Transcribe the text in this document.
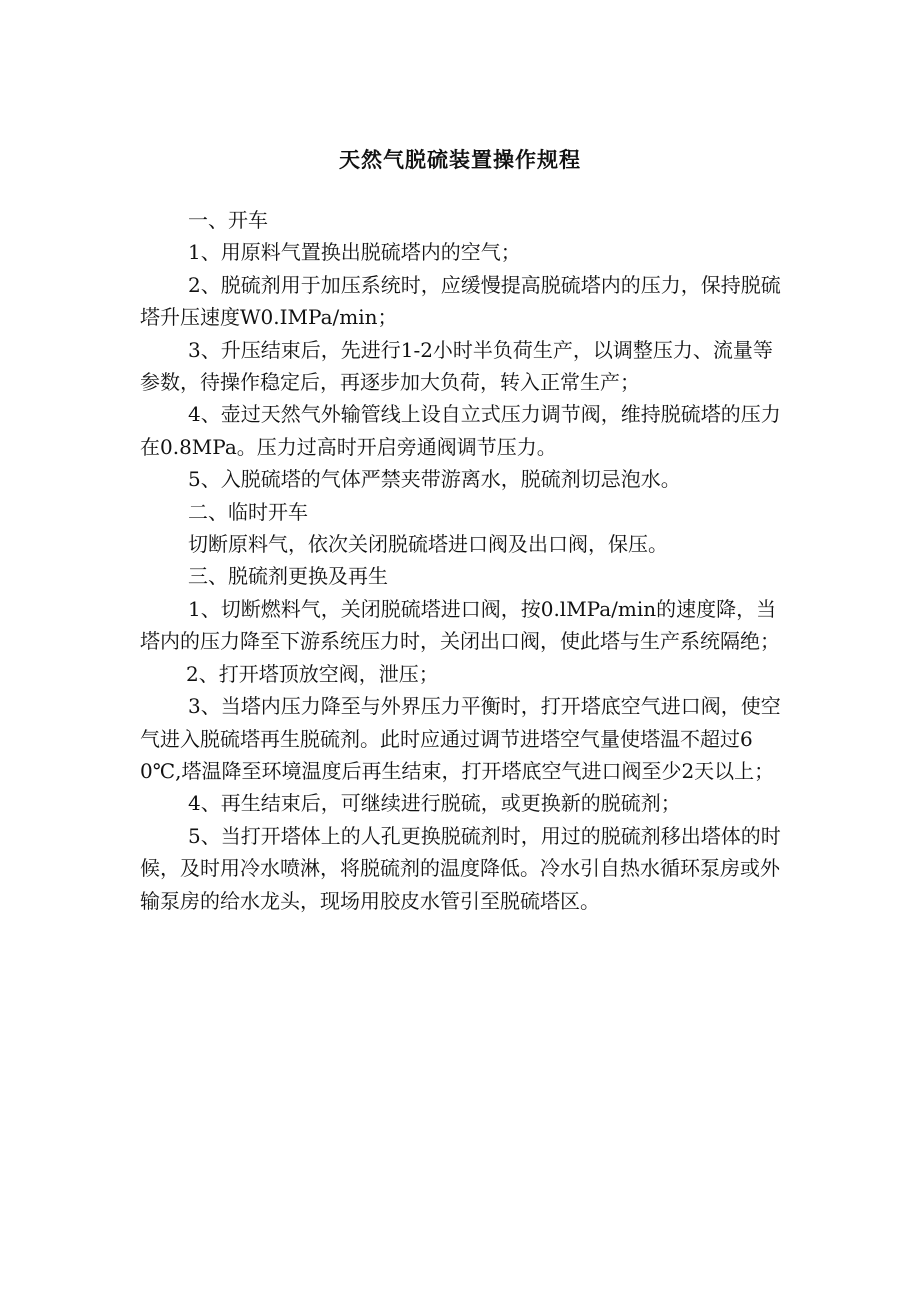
天然气脱硫装置操作规程

一、开车

1、用原料气置换出脱硫塔内的空气；

2、脱硫剂用于加压系统时，应缓慢提高脱硫塔内的压力，保持脱硫塔升压速度W0.IMPa/min；

3、升压结束后，先进行1-2小时半负荷生产，以调整压力、流量等参数，待操作稳定后，再逐步加大负荷，转入正常生产；

4、壶过天然气外输管线上设自立式压力调节阀，维持脱硫塔的压力在0.8MPa。压力过高时开启旁通阀调节压力。

5、入脱硫塔的气体严禁夹带游离水，脱硫剂切忌泡水。

二、临时开车

切断原料气，依次关闭脱硫塔进口阀及出口阀，保压。

三、脱硫剂更换及再生

1、切断燃料气，关闭脱硫塔进口阀，按0.lMPa/min的速度降，当塔内的压力降至下游系统压力时，关闭出口阀，使此塔与生产系统隔绝；

2、打开塔顶放空阀，泄压；

3、当塔内压力降至与外界压力平衡时，打开塔底空气进口阀，使空气进入脱硫塔再生脱硫剂。此时应通过调节进塔空气量使塔温不超过60℃,塔温降至环境温度后再生结束，打开塔底空气进口阀至少2天以上；

4、再生结束后，可继续进行脱硫，或更换新的脱硫剂；

5、当打开塔体上的人孔更换脱硫剂时，用过的脱硫剂移出塔体的时候，及时用冷水喷淋，将脱硫剂的温度降低。冷水引自热水循环泵房或外输泵房的给水龙头，现场用胶皮水管引至脱硫塔区。
